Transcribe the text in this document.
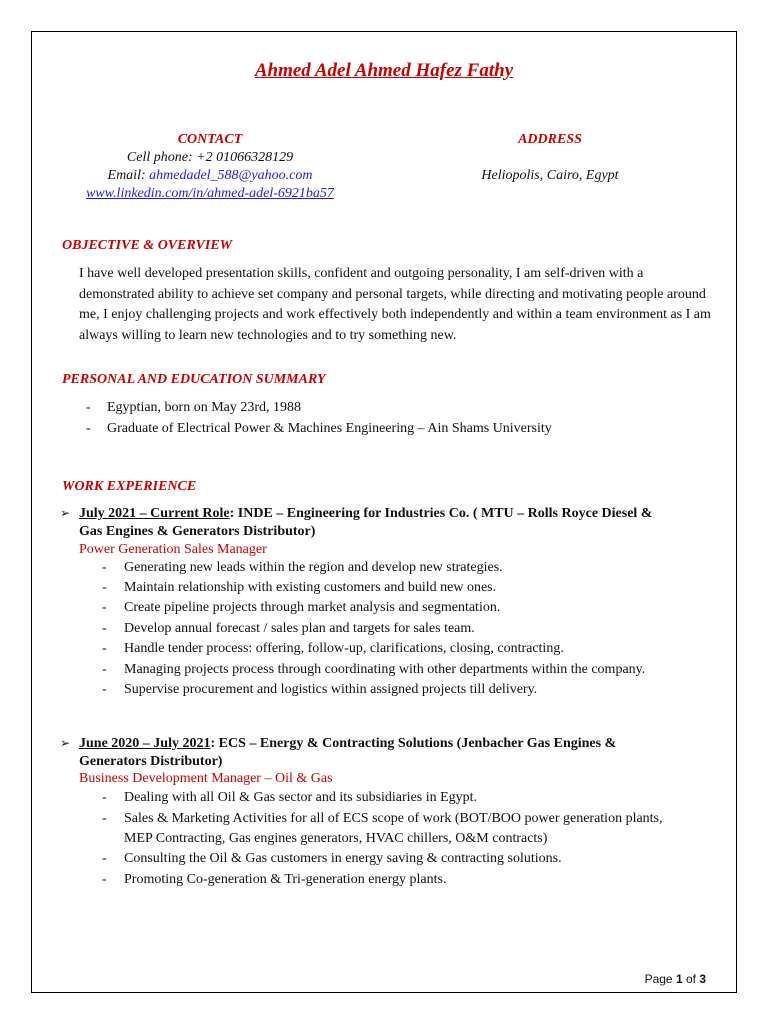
Ahmed Adel Ahmed Hafez Fathy
CONTACT
Cell phone: +2 01066328129
Email: ahmedadel_588@yahoo.com
www.linkedin.com/in/ahmed-adel-6921ba57
ADDRESS
Heliopolis, Cairo, Egypt
OBJECTIVE & OVERVIEW
I have well developed presentation skills, confident and outgoing personality, I am self-driven with a demonstrated ability to achieve set company and personal targets, while directing and motivating people around me, I enjoy challenging projects and work effectively both independently and within a team environment as I am always willing to learn new technologies and to try something new.
PERSONAL AND EDUCATION SUMMARY
-	Egyptian, born on May 23rd, 1988
-	Graduate of Electrical Power & Machines Engineering – Ain Shams University
WORK EXPERIENCE
➢ July 2021 – Current Role: INDE – Engineering for Industries Co. ( MTU – Rolls Royce Diesel &
Gas Engines & Generators Distributor)
Power Generation Sales Manager
-	Generating new leads within the region and develop new strategies.
-	Maintain relationship with existing customers and build new ones.
-	Create pipeline projects through market analysis and segmentation.
-	Develop annual forecast / sales plan and targets for sales team.
-	Handle tender process: offering, follow-up, clarifications, closing, contracting.
-	Managing projects process through coordinating with other departments within the company.
-	Supervise procurement and logistics within assigned projects till delivery.
➢ June 2020 – July 2021: ECS – Energy & Contracting Solutions (Jenbacher Gas Engines &
Generators Distributor)
Business Development Manager – Oil & Gas
-	Dealing with all Oil & Gas sector and its subsidiaries in Egypt.
-	Sales & Marketing Activities for all of ECS scope of work (BOT/BOO power generation plants,
MEP Contracting, Gas engines generators, HVAC chillers, O&M contracts)
-	Consulting the Oil & Gas customers in energy saving & contracting solutions.
-	Promoting Co-generation & Tri-generation energy plants.
Page 1 of 3
